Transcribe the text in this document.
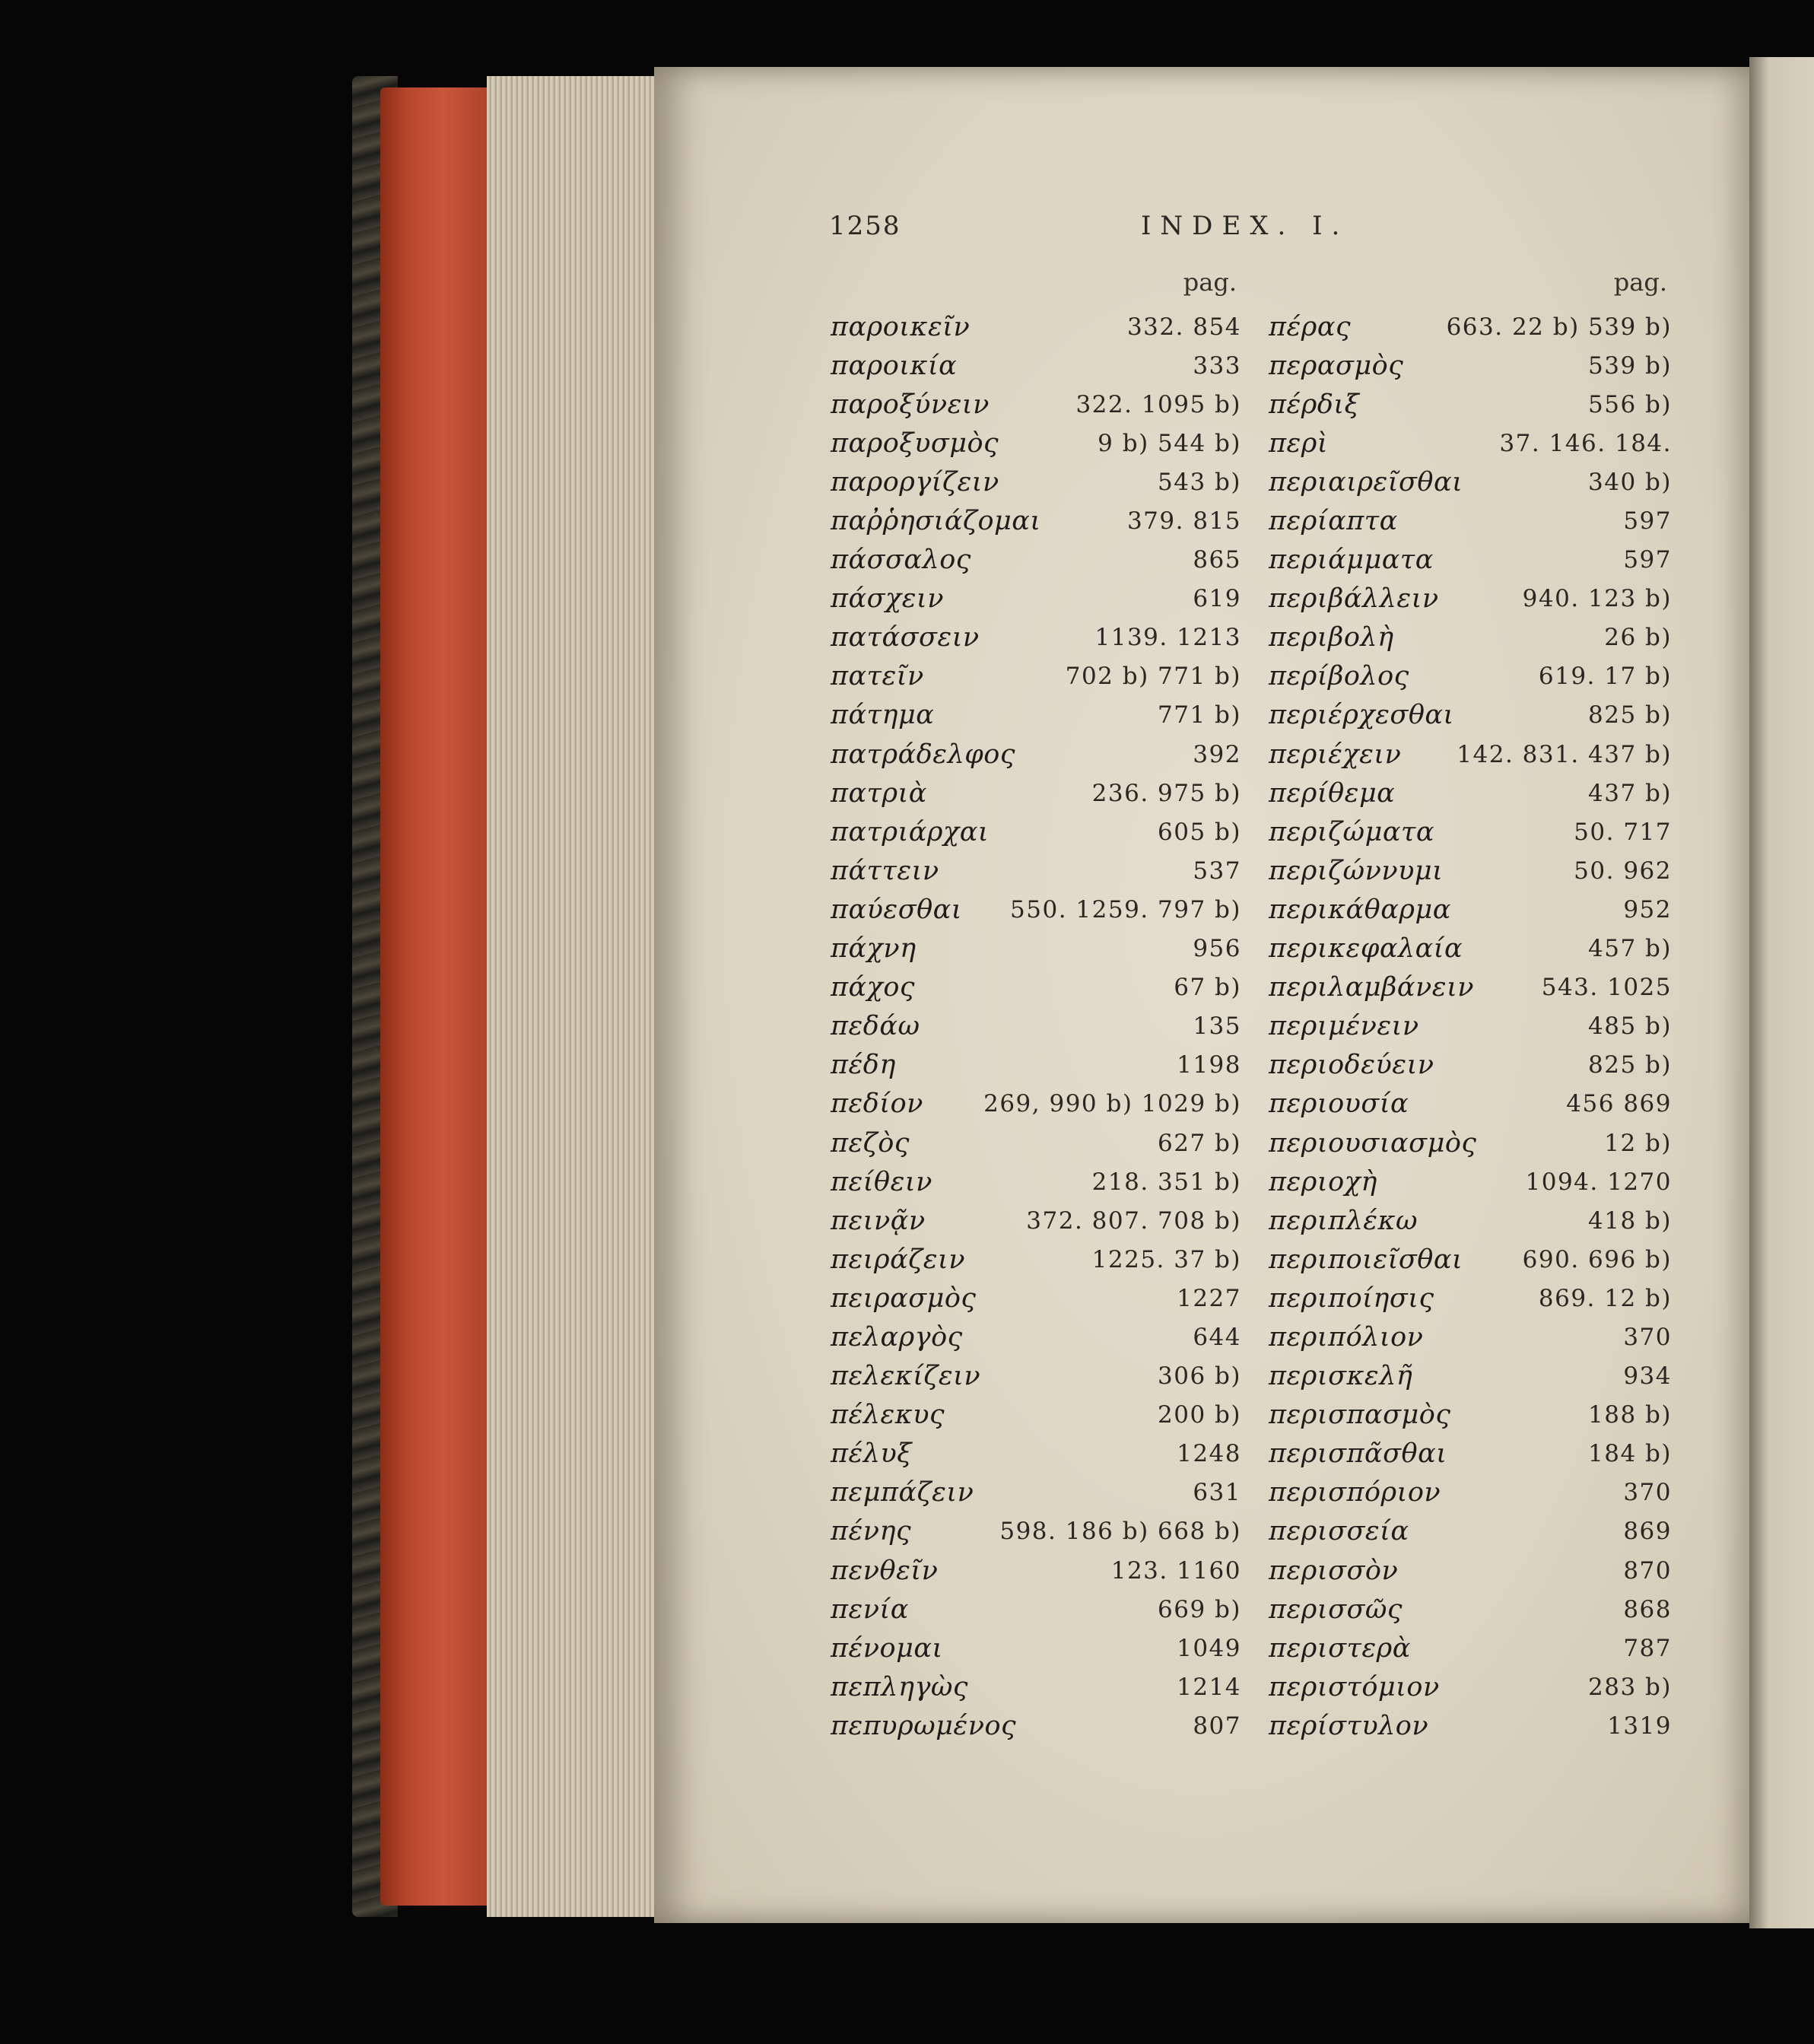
1258	INDEX. I.
pag.
παροικεῖν	332. 854
παροικία	333
παροξύνειν	322. 1095 b)
παροξυσμὸς	9 b) 544 b)
παροργίζειν	543 b)
παῤῥησιάζομαι	379. 815
πάσσαλος	865
πάσχειν	619
πατάσσειν	1139. 1213
πατεῖν	702 b) 771 b)
πάτημα	771 b)
πατράδελφος	392
πατριὰ	236. 975 b)
πατριάρχαι	605 b)
πάττειν	537
παύεσθαι 550. 1259. 797 b)
πάχνη	956
πάχος	67 b)
πεδάω	135
πέδη	1198
πεδίον	269, 990 b) 1029 b)
πεζὸς	627 b)
πείθειν	218. 351 b)
πεινᾷν	372. 807. 708 b)
πειράζειν	1225. 37 b)
πειρασμὸς	1227
πελαργὸς	644
πελεκίζειν	306 b)
πέλεκυς	200 b)
πέλυξ	1248
πεμπάζειν	631
πένης	598. 186 b) 668 b)
πενθεῖν	123. 1160
πενία	669 b)
πένομαι	1049
πεπληγὼς	1214
πεπυρωμένος	807
pag.
πέρας	663. 22 b) 539 b)
περασμὸς	539 b)
πέρδιξ	556 b)
περὶ	37. 146. 184.
περιαιρεῖσθαι	340 b)
περίαπτα	597
περιάμματα	597
περιβάλλειν	940. 123 b)
περιβολὴ	26 b)
περίβολος	619. 17 b)
περιέρχεσθαι	825 b)
περιέχειν 142. 831. 437 b)
περίθεμα	437 b)
περιζώματα	50. 717
περιζώννυμι	50. 962
περικάθαρμα	952
περικεφαλαία	457 b)
περιλαμβάνειν	543. 1025
περιμένειν	485 b)
περιοδεύειν	825 b)
περιουσία	456 869
περιουσιασμὸς	12 b)
περιοχὴ	1094. 1270
περιπλέκω	418 b)
περιποιεῖσθαι	690. 696 b)
περιποίησις	869. 12 b)
περιπόλιον	370
περισκελῆ	934
περισπασμὸς	188 b)
περισπᾶσθαι	184 b)
περισπόριον	370
περισσεία	869
περισσὸν	870
περισσῶς	868
περιστερὰ	787
περιστόμιον	283 b)
περίστυλον	1319
